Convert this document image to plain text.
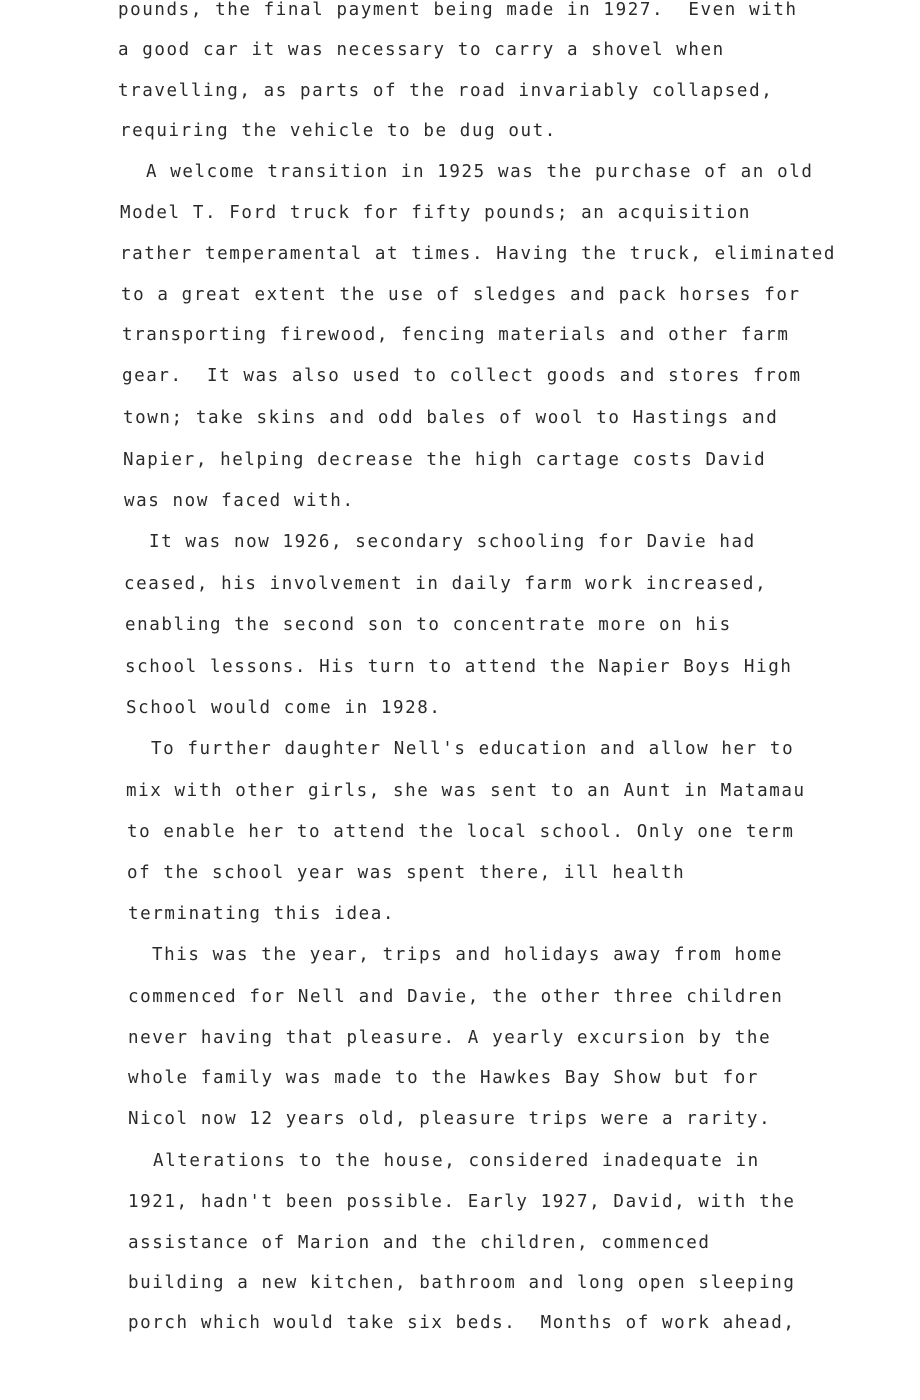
pounds, the final payment being made in 1927.  Even with
a good car it was necessary to carry a shovel when
travelling, as parts of the road invariably collapsed,
requiring the vehicle to be dug out.
A welcome transition in 1925 was the purchase of an old
Model T. Ford truck for fifty pounds; an acquisition
rather temperamental at times. Having the truck, eliminated
to a great extent the use of sledges and pack horses for
transporting firewood, fencing materials and other farm
gear.  It was also used to collect goods and stores from
town; take skins and odd bales of wool to Hastings and
Napier, helping decrease the high cartage costs David
was now faced with.
It was now 1926, secondary schooling for Davie had
ceased, his involvement in daily farm work increased,
enabling the second son to concentrate more on his
school lessons. His turn to attend the Napier Boys High
School would come in 1928.
To further daughter Nell's education and allow her to
mix with other girls, she was sent to an Aunt in Matamau
to enable her to attend the local school. Only one term
of the school year was spent there, ill health
terminating this idea.
This was the year, trips and holidays away from home
commenced for Nell and Davie, the other three children
never having that pleasure. A yearly excursion by the
whole family was made to the Hawkes Bay Show but for
Nicol now 12 years old, pleasure trips were a rarity.
Alterations to the house, considered inadequate in
1921, hadn't been possible. Early 1927, David, with the
assistance of Marion and the children, commenced
building a new kitchen, bathroom and long open sleeping
porch which would take six beds.  Months of work ahead,
